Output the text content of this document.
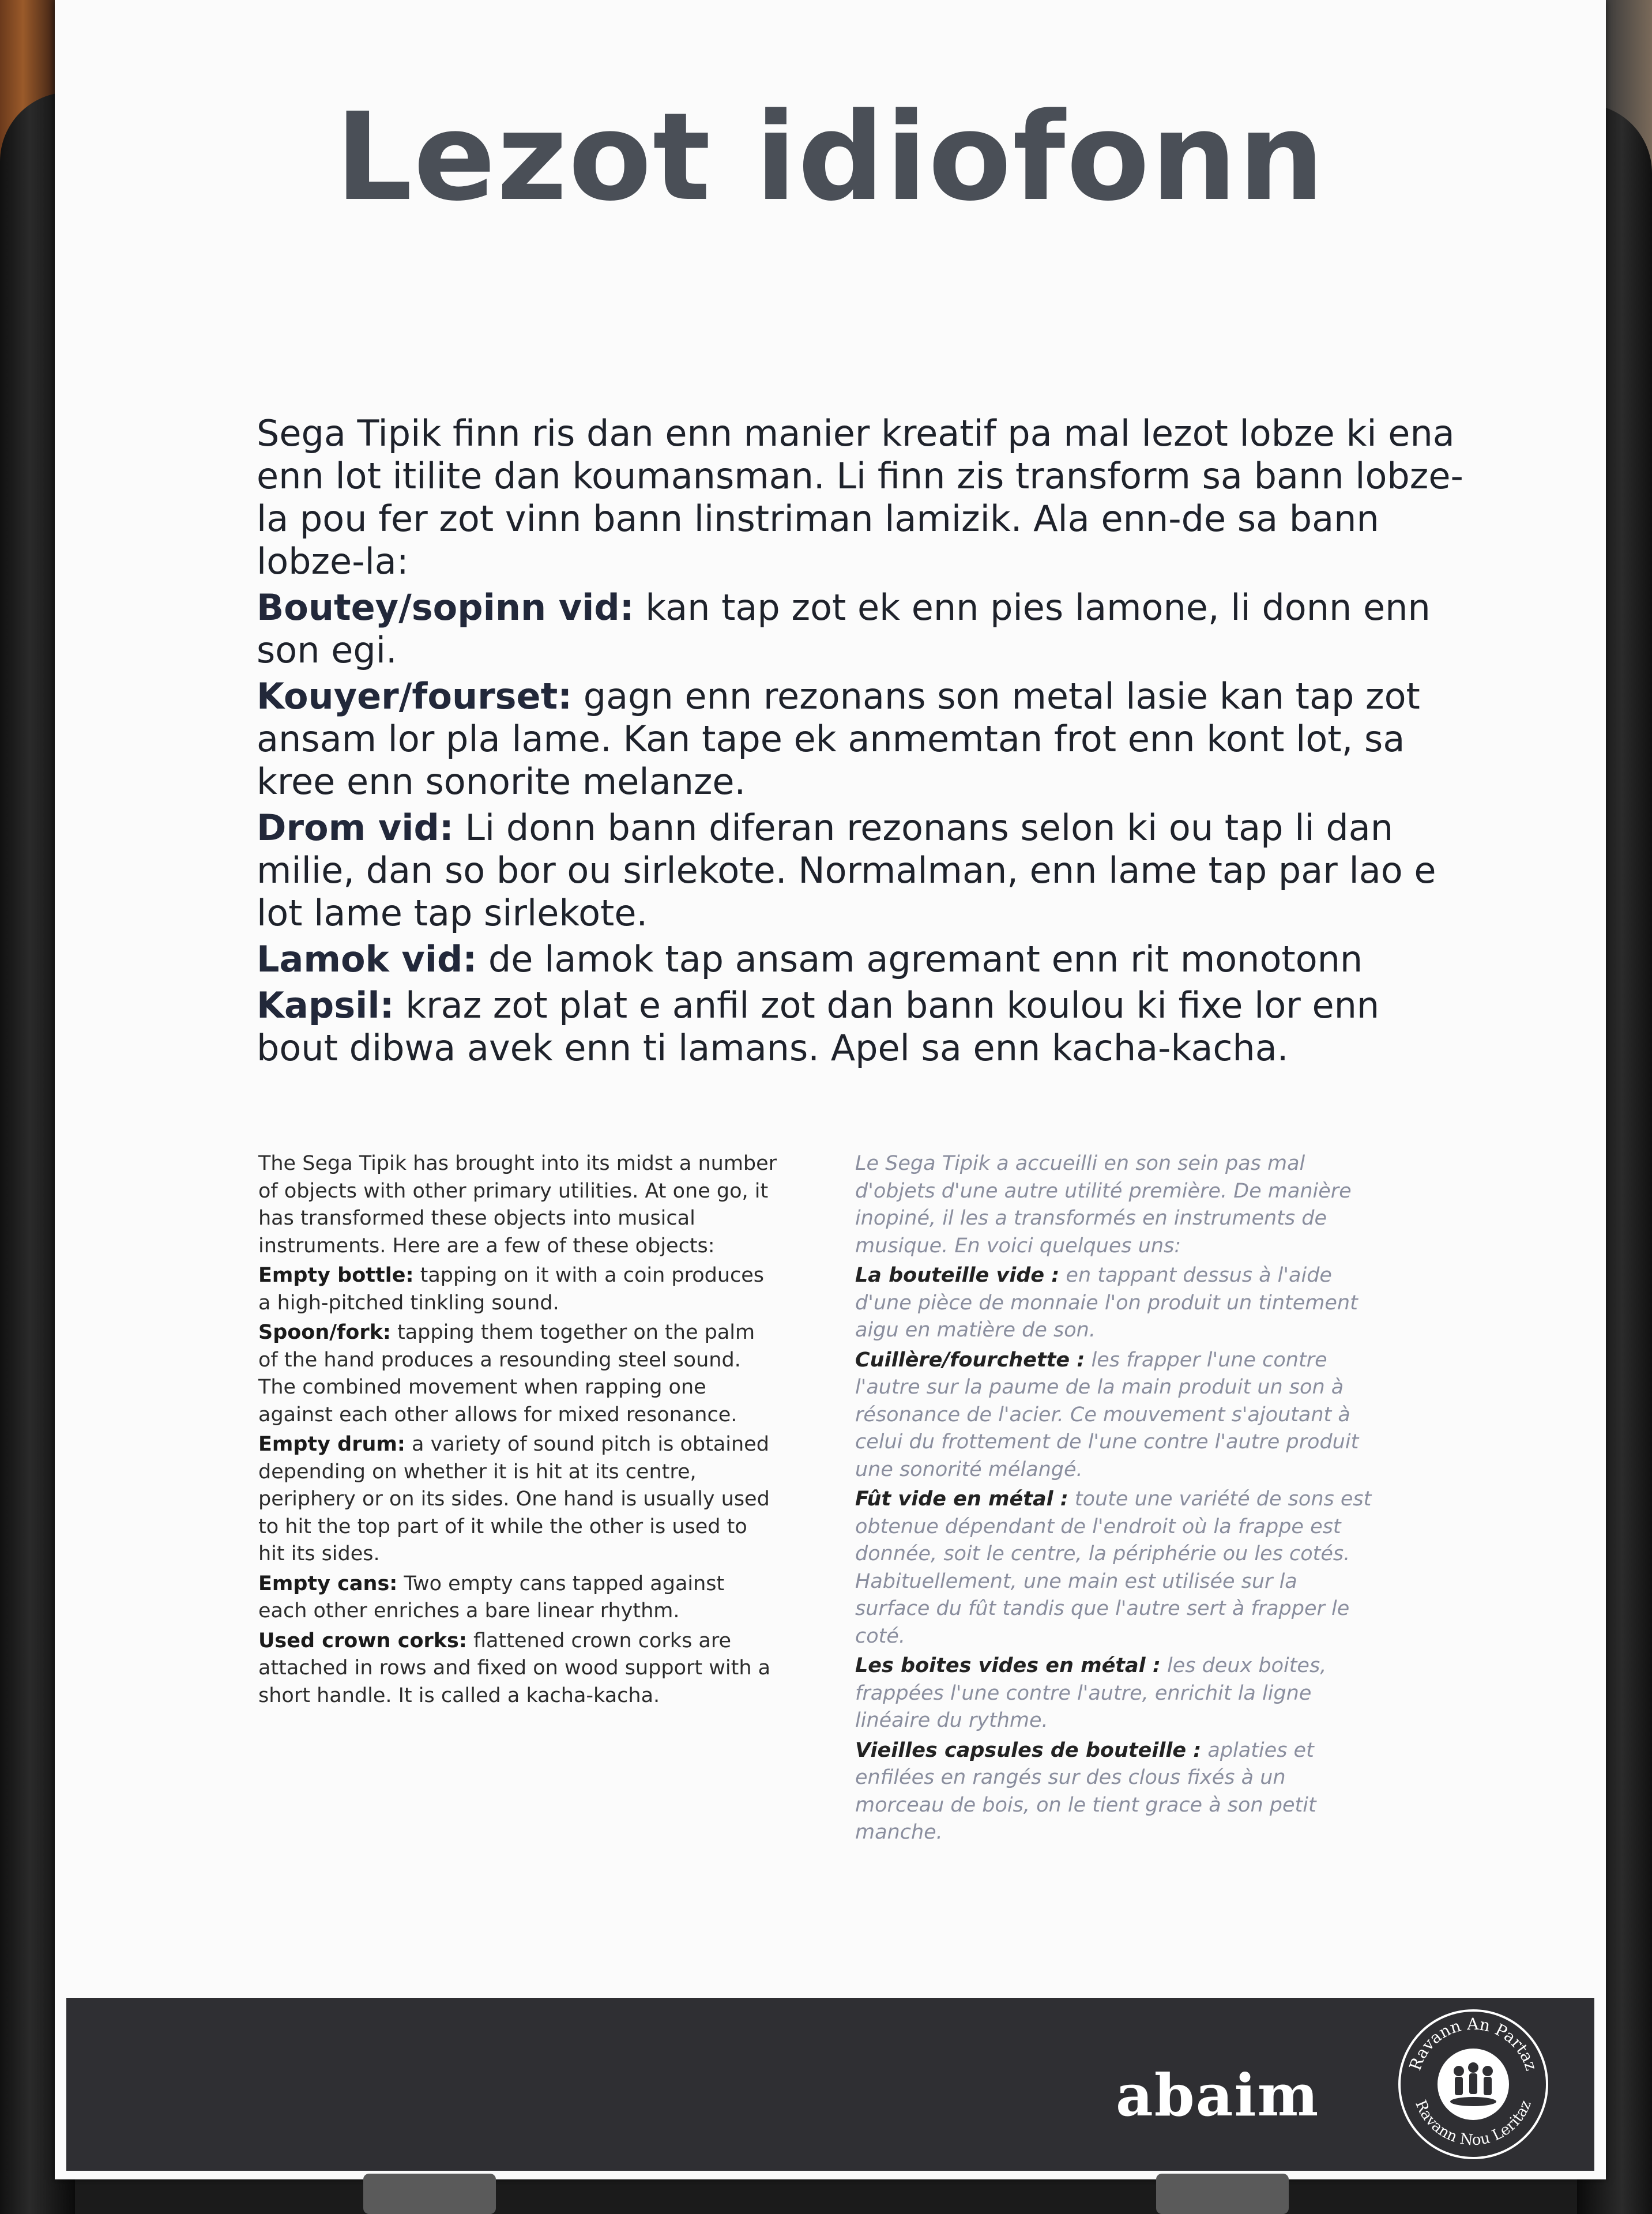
Lezot idiofonn

Sega Tipik finn ris dan enn manier kreatif pa mal lezot lobze ki ena enn lot itilite dan koumansman. Li finn zis transform sa bann lobze-la pou fer zot vinn bann linstriman lamizik. Ala enn-de sa bann lobze-la:

Boutey/sopinn vid: kan tap zot ek enn pies lamone, li donn enn son egi.

Kouyer/fourset: gagn enn rezonans son metal lasie kan tap zot ansam lor pla lame. Kan tape ek anmemtan frot enn kont lot, sa kree enn sonorite melanze.

Drom vid: Li donn bann diferan rezonans selon ki ou tap li dan milie, dan so bor ou sirlekote. Normalman, enn lame tap par lao e lot lame tap sirlekote.

Lamok vid: de lamok tap ansam agremant enn rit monotonn

Kapsil: kraz zot plat e anfil zot dan bann koulou ki fixe lor enn bout dibwa avek enn ti lamans. Apel sa enn kacha-kacha.

The Sega Tipik has brought into its midst a number of objects with other primary utilities. At one go, it has transformed these objects into musical instruments. Here are a few of these objects:

Empty bottle: tapping on it with a coin produces a high-pitched tinkling sound.

Spoon/fork: tapping them together on the palm of the hand produces a resounding steel sound. The combined movement when rapping one against each other allows for mixed resonance.

Empty drum: a variety of sound pitch is obtained depending on whether it is hit at its centre, periphery or on its sides. One hand is usually used to hit the top part of it while the other is used to hit its sides.

Empty cans: Two empty cans tapped against each other enriches a bare linear rhythm.

Used crown corks: flattened crown corks are attached in rows and fixed on wood support with a short handle. It is called a kacha-kacha.

Le Sega Tipik a accueilli en son sein pas mal d'objets d'une autre utilité première. De manière inopiné, il les a transformés en instruments de musique. En voici quelques uns:

La bouteille vide : en tappant dessus à l'aide d'une pièce de monnaie l'on produit un tintement aigu en matière de son.

Cuillère/fourchette : les frapper l'une contre l'autre sur la paume de la main produit un son à résonance de l'acier. Ce mouvement s'ajoutant à celui du frottement de l'une contre l'autre produit une sonorité mélangé.

Fût vide en métal : toute une variété de sons est obtenue dépendant de l'endroit où la frappe est donnée, soit le centre, la périphérie ou les cotés. Habituellement, une main est utilisée sur la surface du fût tandis que l'autre sert à frapper le coté.

Les boites vides en métal : les deux boites, frappées l'une contre l'autre, enrichit la ligne linéaire du rythme.

Vieilles capsules de bouteille : aplaties et enfilées en rangés sur des clous fixés à un morceau de bois, on le tient grace à son petit manche.

abaim	Ravann An Partaz
Ravann Nou Leritaz
